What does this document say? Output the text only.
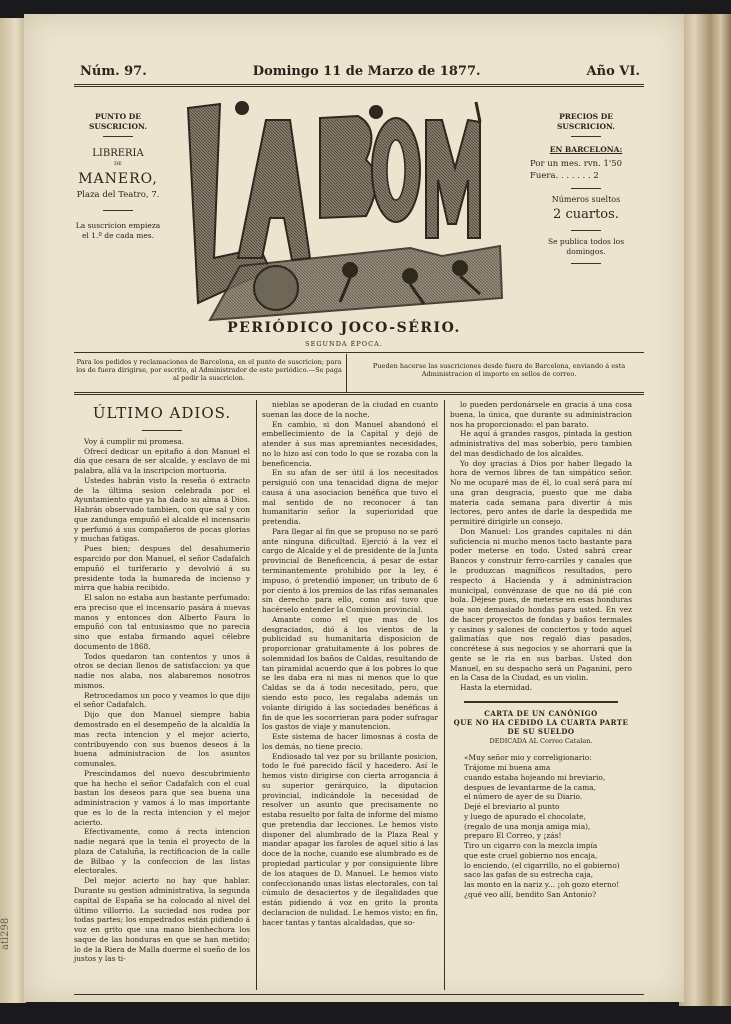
Núm. 97.	Domingo 11 de Marzo de 1877.	Año VI.
PUNTO DE SUSCRICION.
LIBRERIA
DE
MANERO,
Plaza del Teatro, 7.
La suscricion empieza
el 1.º de cada mes.
PRECIOS DE SUSCRICION.
EN BARCELONA:
Por un mes. rvn. 1'50
Fuera. . . . . . . 2
Números sueltos
2 cuartos.
Se publica todos los
domingos.
PERIÓDICO JOCO-SÉRIO.
SEGUNDA ÉPOCA.
Para los pedidos y reclamaciones de Barcelona, en el punto de suscricion; para los de fuera dirigirse, por escrito, al Administrador de este periódico.—Se paga al pedir la suscricion.
Pueden hacerse las suscriciones desde fuera de Barcelona, enviando á esta Administracion el importe en sellos de correo.
ÚLTIMO ADIOS.

Voy á cumplir mi promesa.

Ofrecí dedicar un epitafio á don Manuel el día que cesara de ser alcalde, y esclavo de mi palabra, allá va la inscripcion mortuoria.

Ustedes habrán visto la reseña ó extracto de la última sesion celebrada por el Ayuntamiento que ya ha dado su alma á Dios. Habrán observado tambien, con que sal y con que zandunga empuñó el alcalde el incensario y perfumó á sus compañeros de pocas glorias y muchas fatigas.

Pues bien; despues del desahumerio esparcido por don Manuel, el señor Cadafalch empuñó el turiferario y devolvió á su presidente toda la humareda de incienso y mirra que habia recibido.

El salon no estaba aun bastante perfumado: era preciso que el incensario pasára á nuevas manos y entonces don Alberto Faura lo empuñó con tal entusiasmo que no parecia sino que estaba firmando aquel célebre documento de 1868.

Todos quedaron tan contentos y unos á otros se decian llenos de satisfaccion: ya que nadie nos alaba, nos alabaremos nosotros mismos.

Retrocedamos un poco y veamos lo que dijo el señor Cadafalch.

Dijo que don Manuel siempre habia demostrado en el desempeño de la alcaldía la mas recta intencion y el mejor acierto, contribuyendo con sus buenos deseos á la buena administracion de los asuntos comunales.

Prescindamos del nuevo descubrimiento que ha hecho el señor Cadafalch con el cual bastan los deseos para que sea buena una administracion y vamos á lo mas importante que es lo de la recta intencion y el mejor acierto.

Efectivamente, como á recta intencion nadie negará que la tenia el proyecto de la plaza de Cataluña, la rectificacion de la calle de Bilbao y la confeccion de las listas electorales.

Del mejor acierto no hay que hablar. Durante su gestion administrativa, la segunda capital de España se ha colocado al nivel del último villorrio. La suciedad nos rodea por todas partes; los empedrados están pidiendo á voz en grito que una mano bienhechora los saque de las honduras en que se han metido; lo de la Riera de Malla duerme el sueño de los justos y las ti-

nieblas se apoderan de la ciudad en cuanto suenan las doce de la noche.

En cambio, si don Manuel abandonó el embellecimiento de la Capital y dejó de atender á sus mas apremiantes necesidades, no lo hizo así con todo lo que se rozaba con la beneficencia.

En su afan de ser útil á los necesitados persiguió con una tenacidad digna de mejor causa á una asociacion benéfica que tuvo el mal sentido de no reconocer á tan humanitario señor la superioridad que pretendia.

Para llegar al fin que se propuso no se paró ante ninguna dificultad. Ejerció á la vez el cargo de Alcalde y el de presidente de la Junta provincial de Beneficencia, á pesar de estar terminantemente prohibido por la ley, é impuso, ó pretendió imponer, un tributo de 6 por ciento á los premios de las rifas semanales sin derecho para ello, como así tuvo que hacérselo entender la Comision provincial.

Amante como el que mas de los desgraciados, dió á los vientos de la publicidad su humanitaria disposicion de proporcionar gratuitamente á los pobres de solemnidad los baños de Caldas, resultando de tan piramidal acuerdo que á los pobres lo que se les daba era ni mas ni menos que lo que Caldas se da á todo necesitado, pero, que siendo esto poco, les regalaba además un volante dirigido á las sociedades benéficas á fin de que les socorrieran para poder sufragar los gastos de viaje y manutencion.

Este sistema de hacer limosnas á costa de los demás, no tiene precio.

Endiosado tal vez por su brillante posicion, todo le fué parecido fácil y hacedero. Así le hemos visto dirigirse con cierta arrogancia á su superior gerárquico, la diputacion provincial, indicándole la necesidad de resolver un asunto que precisamente no estaba resuelto por falta de informe del mismo que pretendia dar lecciones. Le hemos visto disponer del alumbrado de la Plaza Real y mandar apagar los faroles de aquel sitio á las doce de la noche, cuando ese alumbrado es de propiedad particular y por consiguiente libre de los ataques de D. Manuel. Le hemos visto confeccionando unas listas electorales, con tal cúmulo de desaciertos y de ilegalidades que están pidiendo á voz en grito la pronta declaracion de nulidad. Le hemos visto; en fin, hacer tantas y tantas alcaldadas, que so-

lo pueden perdonársele en gracia á una cosa buena, la única, que durante su administracion nos ha proporcionado: el pan barato.

He aquí á grandes rasgos, pintada la gestion administrativa del mas soberbio, pero tambien del mas desdichado de los alcaldes.

Yo doy gracias á Dios por haber llegado la hora de vernos libres de tan simpático señor. No me ocuparé mas de él, lo cual será para mí una gran desgracia, puesto que me daba materia cada semana para divertir á mis lectores, pero antes de darle la despedida me permitiré dirigirle un consejo.

Don Manuel: Los grandes capitales ni dán suficiencia ni mucho menos tacto bastante para poder meterse en todo. Usted sabrá crear Bancos y construir ferro-carriles y canales que le produzcan magníficos resultados, pero respecto á Hacienda y á administracion municipal, convénzase de que no dá pié con bola. Déjese pues, de meterse en esas honduras que son demasiado hondas para usted. En vez de hacer proyectos de fondas y baños termales y casinos y salones de conciertos y todo aquel galimatías que nos regaló dias pasados, concrétese á sus negocios y se ahorrará que la gente se le ria en sus barbas. Usted don Manuel, en su despacho será un Paganini, pero en la Casa de la Ciudad, es un violin.

Hasta la eternidad.

CARTA DE UN CANÓNIGO
QUE NO HA CEDIDO LA CUARTA PARTE DE SU SUELDO
DEDICADA AL Correo Catalan.

«Muy señor mio y correligionario:

Trájome mi buena ama

cuando estaba hojeando mi breviario,

despues de levantarme de la cama,

el número de ayer de su Diario.

Dejé el breviario al punto

y luego de apurado el chocolate,

(regalo de una monja amiga mia),

preparo El Correo, y ¡zás!

Tiro un cigarro con la mezcla impía

que este cruel gobierno nos encaja,

lo enciendo, (el cigarrillo, no el gobierno)

saco las gafas de su estrecha caja,

las monto en la nariz y... ¡oh gozo eterno!

¿qué veo allí, bendito San Antonio?

atl298
